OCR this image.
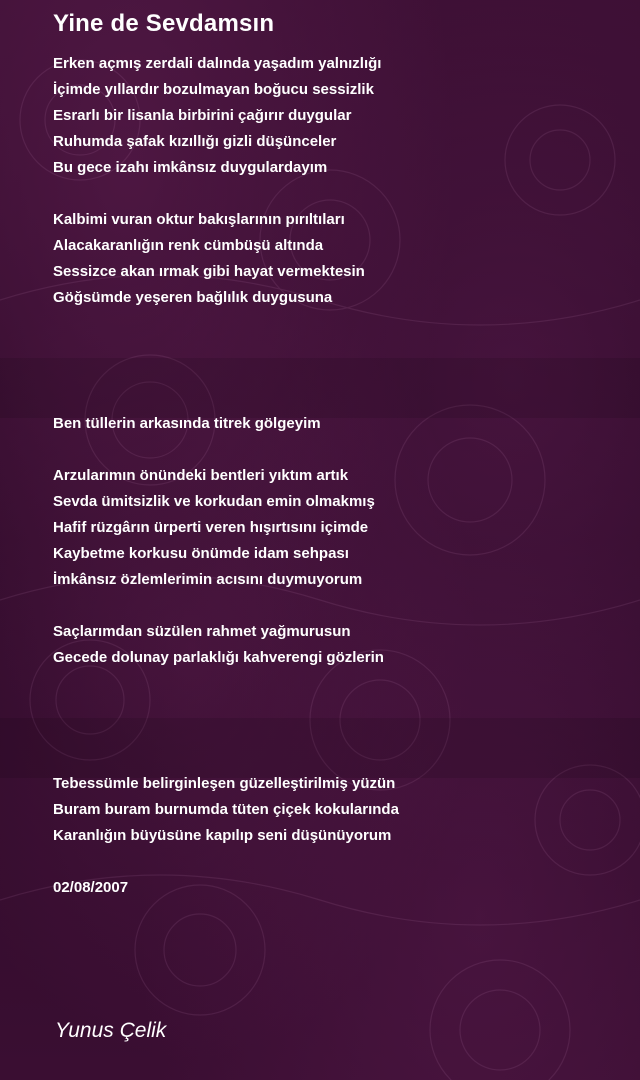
Yine de Sevdamsın

Erken açmış zerdali dalında yaşadım yalnızlığı

İçimde yıllardır bozulmayan boğucu sessizlik

Esrarlı bir lisanla birbirini çağırır duygular

Ruhumda şafak kızıllığı gizli düşünceler

Bu gece izahı imkânsız duygulardayım

Kalbimi vuran oktur bakışlarının pırıltıları

Alacakaranlığın renk cümbüşü altında

Sessizce akan ırmak gibi hayat vermektesin

Göğsümde yeşeren bağlılık duygusuna

Ben tüllerin arkasında titrek gölgeyim

Arzularımın önündeki bentleri yıktım artık

Sevda ümitsizlik ve korkudan emin olmakmış

Hafif rüzgârın ürperti veren hışırtısını içimde

Kaybetme korkusu önümde idam sehpası

İmkânsız özlemlerimin acısını duymuyorum

Saçlarımdan süzülen rahmet yağmurusun

Gecede dolunay parlaklığı kahverengi gözlerin

Tebessümle belirginleşen güzelleştirilmiş yüzün

Buram buram burnumda tüten çiçek kokularında

Karanlığın büyüsüne kapılıp seni düşünüyorum

02/08/2007

Yunus Çelik
